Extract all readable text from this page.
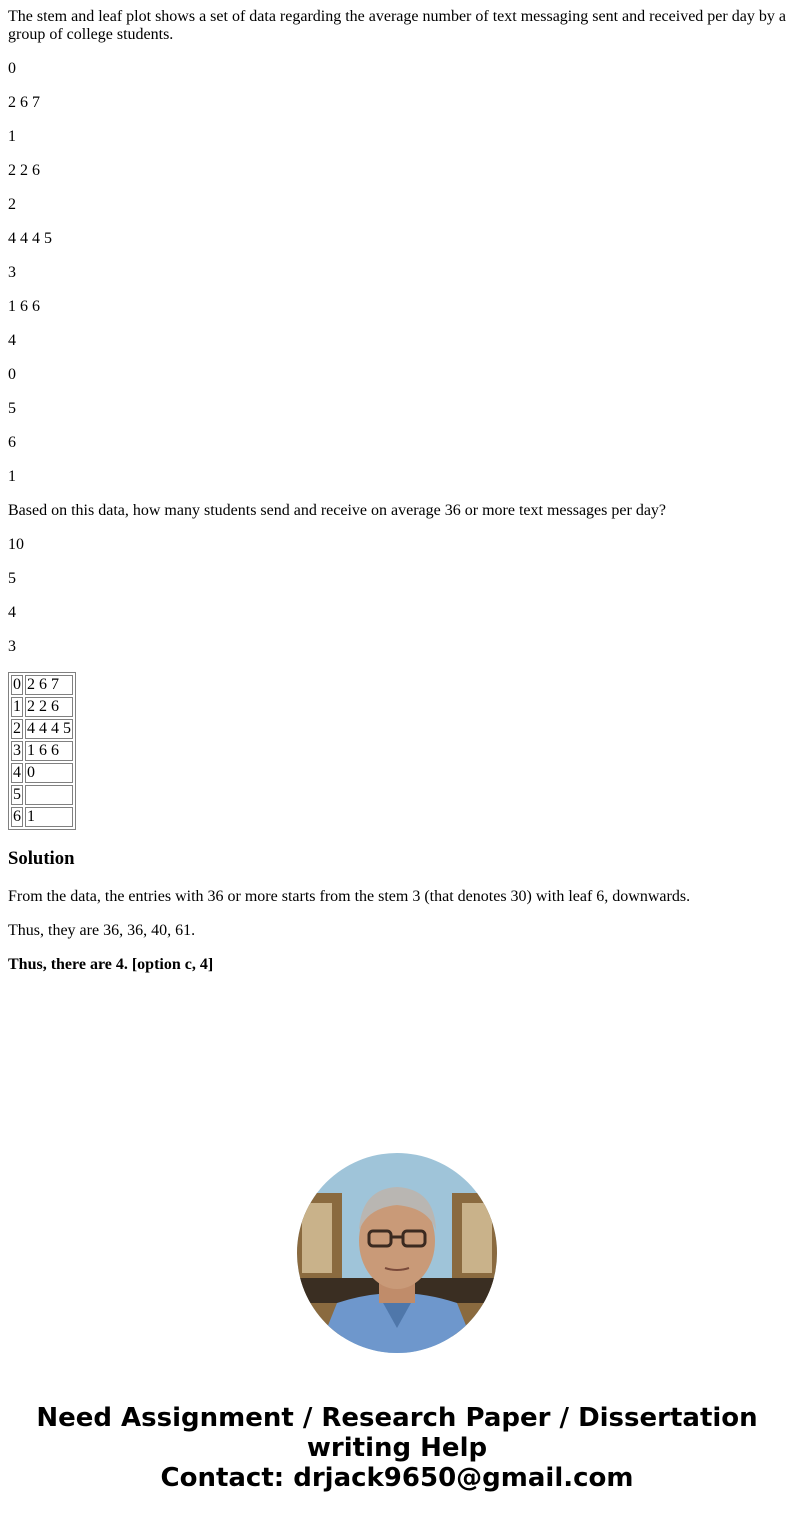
The stem and leaf plot shows a set of data regarding the average number of text messaging sent and received per day by a group of college students.

0

2 6 7

1

2 2 6

2

4 4 4 5

3

1 6 6

4

0

5

6

1

Based on this data, how many students send and receive on average 36 or more text messages per day?

10

5

4

3

0	2 6 7
1	2 2 6
2	4 4 4 5
3	1 6 6
4	0
5	
6	1
Solution

From the data, the entries with 36 or more starts from the stem 3 (that denotes 30) with leaf 6, downwards.

Thus, they are 36, 36, 40, 61.

Thus, there are 4. [option c, 4]

Need Assignment / Research Paper / Dissertation
writing Help
Contact: drjack9650@gmail.com
